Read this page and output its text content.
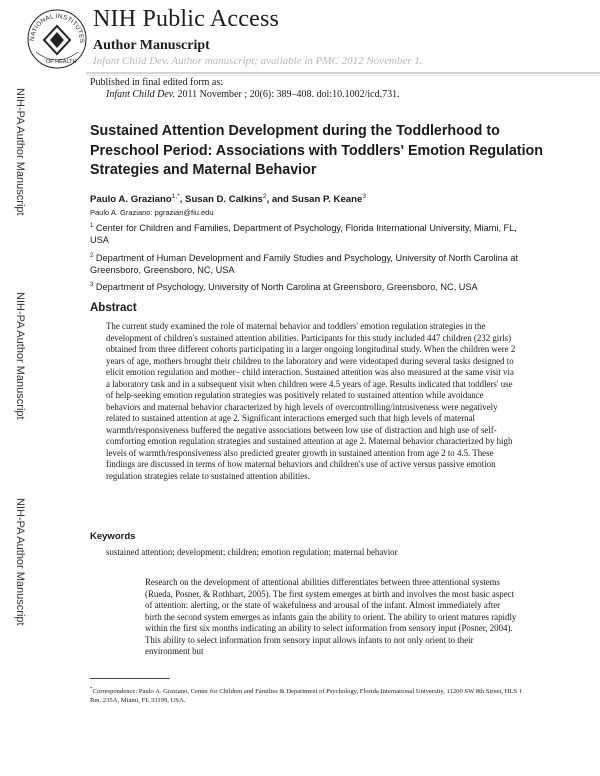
NATIONAL INSTITUTES
OF HEALTH
NIH Public Access
Author Manuscript
Infant Child Dev. Author manuscript; available in PMC 2012 November 1.
Published in final edited form as:
Infant Child Dev. 2011 November ; 20(6): 389–408. doi:10.1002/icd.731.
NIH-PA Author Manuscript
NIH-PA Author Manuscript
NIH-PA Author Manuscript
Sustained Attention Development during the Toddlerhood to Preschool Period: Associations with Toddlers' Emotion Regulation Strategies and Maternal Behavior
Paulo A. Graziano$^{1,*}$, Susan D. Calkins$^2$, and Susan P. Keane$^3$
Paulo A. Graziano: pgrazian@fiu.edu
$^1$ Center for Children and Families, Department of Psychology, Florida International University, Miami, FL, USA
$^2$ Department of Human Development and Family Studies and Psychology, University of North Carolina at Greensboro, Greensboro, NC, USA
$^3$ Department of Psychology, University of North Carolina at Greensboro, Greensboro, NC, USA
Abstract
The current study examined the role of maternal behavior and toddlers' emotion regulation strategies in the development of children's sustained attention abilities. Participants for this study included 447 children (232 girls) obtained from three different cohorts participating in a larger ongoing longitudinal study. When the children were 2 years of age, mothers brought their children to the laboratory and were videotaped during several tasks designed to elicit emotion regulation and mother– child interaction. Sustained attention was also measured at the same visit via a laboratory task and in a subsequent visit when children were 4.5 years of age. Results indicated that toddlers' use of help-seeking emotion regulation strategies was positively related to sustained attention while avoidance behaviors and maternal behavior characterized by high levels of overcontrolling/intrusiveness were negatively related to sustained attention at age 2. Significant interactions emerged such that high levels of maternal warmth/responsiveness buffered the negative associations between low use of distraction and high use of self-comforting emotion regulation strategies and sustained attention at age 2. Maternal behavior characterized by high levels of warmth/responsiveness also predicted greater growth in sustained attention from age 2 to 4.5. These findings are discussed in terms of how maternal behaviors and children's use of active versus passive emotion regulation strategies relate to sustained attention abilities.
Keywords
sustained attention; development; children; emotion regulation; maternal behavior
Research on the development of attentional abilities differentiates between three attentional systems (Rueda, Posner, & Rothbart, 2005). The first system emerges at birth and involves the most basic aspect of attention: alerting, or the state of wakefulness and arousal of the infant. Almost immediately after birth the second system emerges as infants gain the ability to orient. The ability to orient matures rapidly within the first six months indicating an ability to select information from sensory input (Posner, 2004). This ability to select information from sensory input allows infants to not only orient to their environment but
*Correspondence: Paulo A. Graziano, Center for Children and Families & Department of Psychology, Florida International University, 11200 SW 8th Street, HLS 1 Rm. 235A, Miami, FL 33199, USA.
